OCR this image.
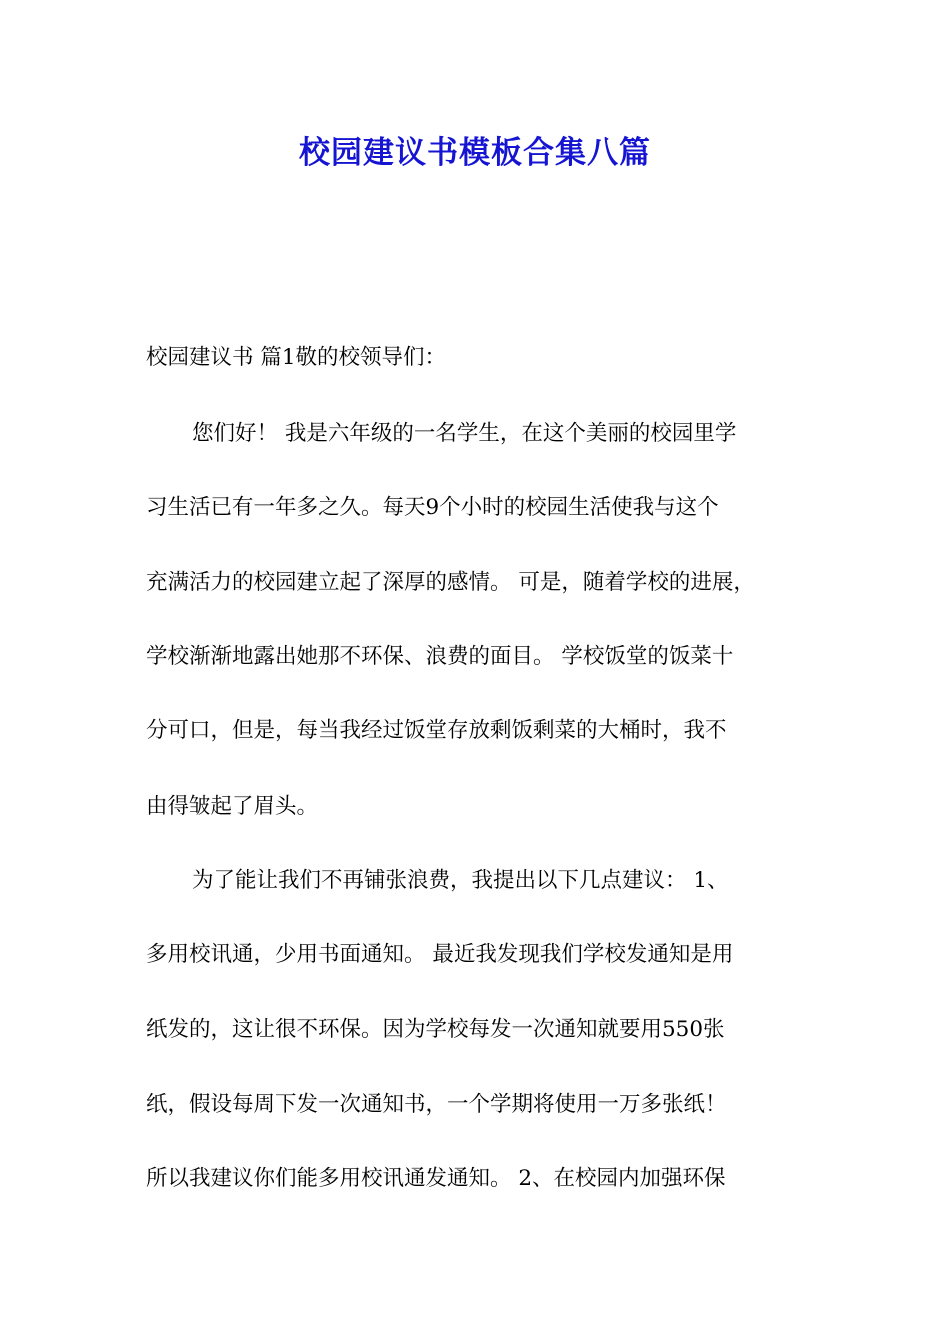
校园建议书模板合集八篇
校园建议书 篇1敬的校领导们：
您们好！ 我是六年级的一名学生，在这个美丽的校园里学
习生活已有一年多之久。每天9个小时的校园生活使我与这个
充满活力的校园建立起了深厚的感情。 可是，随着学校的进展，
学校渐渐地露出她那不环保、浪费的面目。 学校饭堂的饭菜十
分可口，但是，每当我经过饭堂存放剩饭剩菜的大桶时，我不
由得皱起了眉头。
为了能让我们不再铺张浪费，我提出以下几点建议： 1、
多用校讯通，少用书面通知。 最近我发现我们学校发通知是用
纸发的，这让很不环保。因为学校每发一次通知就要用550张
纸，假设每周下发一次通知书，一个学期将使用一万多张纸！
所以我建议你们能多用校讯通发通知。 2、在校园内加强环保
